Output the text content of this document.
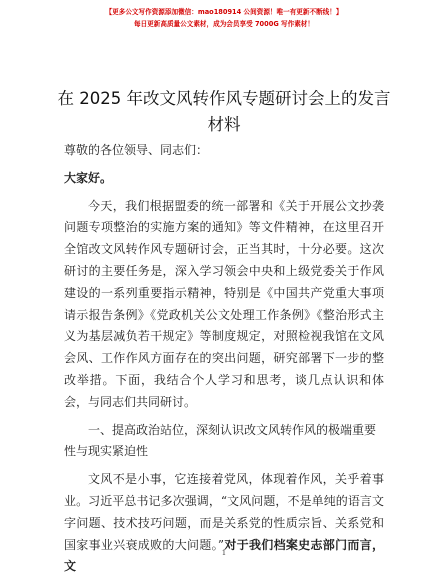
【更多公文写作资源添加微信：mao180914 公间资源！唯一有更新不断线！】
每日更新高质量公文素材，成为会员享受 7000G 写作素材！
在 2025 年改文风转作风专题研讨会上的发言材料

尊敬的各位领导、同志们：

大家好。

今天，我们根据盟委的统一部署和《关于开展公文抄袭问题专项整治的实施方案的通知》等文件精神，在这里召开全馆改文风转作风专题研讨会，正当其时，十分必要。这次研讨的主要任务是，深入学习领会中央和上级党委关于作风建设的一系列重要指示精神，特别是《中国共产党重大事项请示报告条例》《党政机关公文处理工作条例》《整治形式主义为基层减负若干规定》等制度规定，对照检视我馆在文风会风、工作作风方面存在的突出问题，研究部署下一步的整改举措。下面，我结合个人学习和思考，谈几点认识和体会，与同志们共同研讨。

一、提高政治站位，深刻认识改文风转作风的极端重要性与现实紧迫性

文风不是小事，它连接着党风，体现着作风，关乎着事业。习近平总书记多次强调，“文风问题，不是单纯的语言文字问题、技术技巧问题，而是关系党的性质宗旨、关系党和国家事业兴衰成败的大问题。”对于我们档案史志部门而言，文

1
